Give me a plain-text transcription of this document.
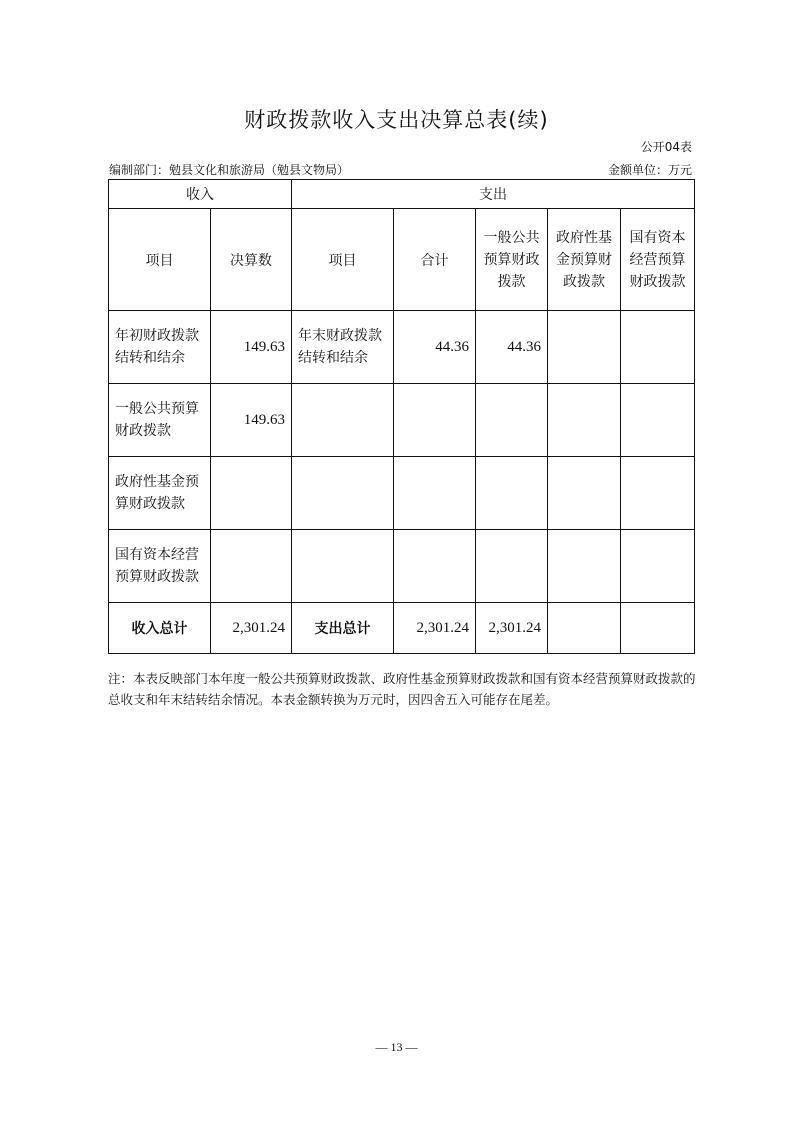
财政拨款收入支出决算总表(续)
公开04表
编制部门：勉县文化和旅游局（勉县文物局）	金额单位：万元
收入		支出				
项目	决算数	项目	合计	一般公共预算财政拨款	政府性基金预算财政拨款	国有资本经营预算财政拨款
年初财政拨款结转和结余	149.63	年末财政拨款结转和结余	44.36	44.36		
一般公共预算财政拨款	149.63					
政府性基金预算财政拨款						
国有资本经营预算财政拨款						
收入总计	2,301.24	支出总计	2,301.24	2,301.24		
注：本表反映部门本年度一般公共预算财政拨款、政府性基金预算财政拨款和国有资本经营预算财政拨款的总收支和年末结转结余情况。本表金额转换为万元时，因四舍五入可能存在尾差。
— 13 —
